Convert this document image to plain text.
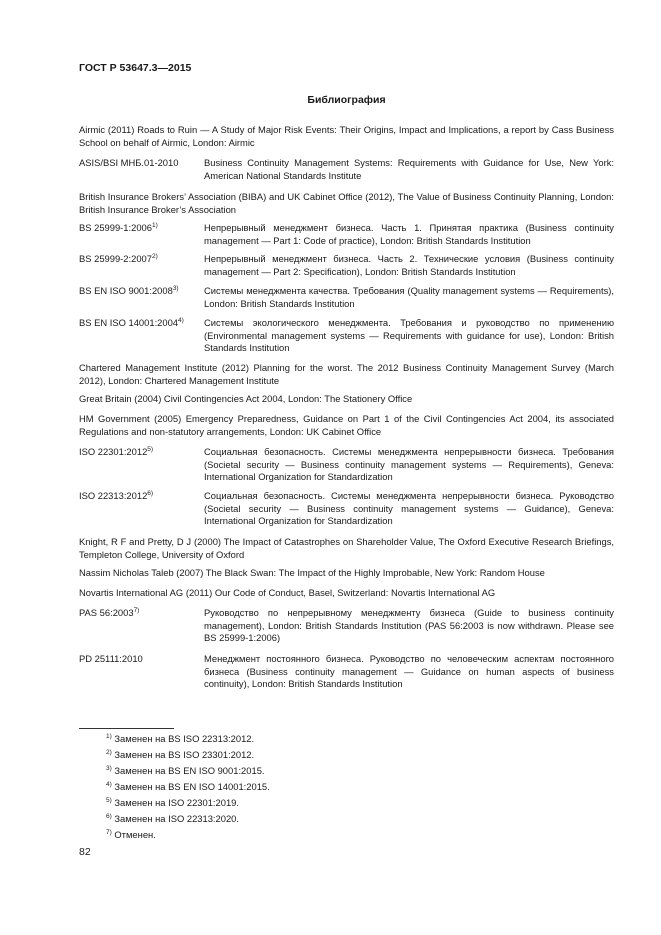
ГОСТ Р 53647.3—2015
Библиография
Airmic (2011) Roads to Ruin — A Study of Major Risk Events: Their Origins, Impact and Implications, a report by Cass Business School on behalf of Airmic, London: Airmic
ASIS/BSI МНБ.01-2010	Business Continuity Management Systems: Requirements with Guidance for Use, New York: American National Standards Institute
British Insurance Brokers’ Association (BIBA) and UK Cabinet Office (2012), The Value of Business Continuity Planning, London: British Insurance Broker’s Association
BS 25999-1:2006$^{1)}$	Непрерывный менеджмент бизнеса. Часть 1. Принятая практика (Business continuity management — Part 1: Code of practice), London: British Standards Institution
BS 25999-2:2007$^{2)}$	Непрерывный менеджмент бизнеса. Часть 2. Технические условия (Business continuity management — Part 2: Specification), London: British Standards Institution
BS EN ISO 9001:2008$^{3)}$	Системы менеджмента качества. Требования (Quality management systems — Requirements), London: British Standards Institution
BS EN ISO 14001:2004$^{4)}$	Системы экологического менеджмента. Требования и руководство по применению (Environmental management systems — Requirements with guidance for use), London: British Standards Institution
Chartered Management Institute (2012) Planning for the worst. The 2012 Business Continuity Management Survey (March 2012), London: Chartered Management Institute
Great Britain (2004) Civil Contingencies Act 2004, London: The Stationery Office
HM Government (2005) Emergency Preparedness, Guidance on Part 1 of the Civil Contingencies Act 2004, its associated Regulations and non-statutory arrangements, London: UK Cabinet Office
ISO 22301:2012$^{5)}$	Социальная безопасность. Системы менеджмента непрерывности бизнеса. Требования (Societal security — Business continuity management systems — Requirements), Geneva: International Organization for Standardization
ISO 22313:2012$^{6)}$	Социальная безопасность. Системы менеджмента непрерывности бизнеса. Руководство (Societal security — Business continuity management systems — Guidance), Geneva: International Organization for Standardization
Knight, R F and Pretty, D J (2000) The Impact of Catastrophes on Shareholder Value, The Oxford Executive Research Briefings, Templeton College, University of Oxford
Nassim Nicholas Taleb (2007) The Black Swan: The Impact of the Highly Improbable, New York: Random House
Novartis International AG (2011) Our Code of Conduct, Basel, Switzerland: Novartis International AG
PAS 56:2003$^{7)}$	Руководство по непрерывному менеджменту бизнеса (Guide to business continuity management), London: British Standards Institution (PAS 56:2003 is now withdrawn. Please see BS 25999-1:2006)
PD 25111:2010	Менеджмент постоянного бизнеса. Руководство по человеческим аспектам постоянного бизнеса (Business continuity management — Guidance on human aspects of business continuity), London: British Standards Institution
$^{1)}$ Заменен на BS ISO 22313:2012.
$^{2)}$ Заменен на BS ISO 23301:2012.
$^{3)}$ Заменен на BS EN ISO 9001:2015.
$^{4)}$ Заменен на BS EN ISO 14001:2015.
$^{5)}$ Заменен на ISO 22301:2019.
$^{6)}$ Заменен на ISO 22313:2020.
$^{7)}$ Отменен.
82
